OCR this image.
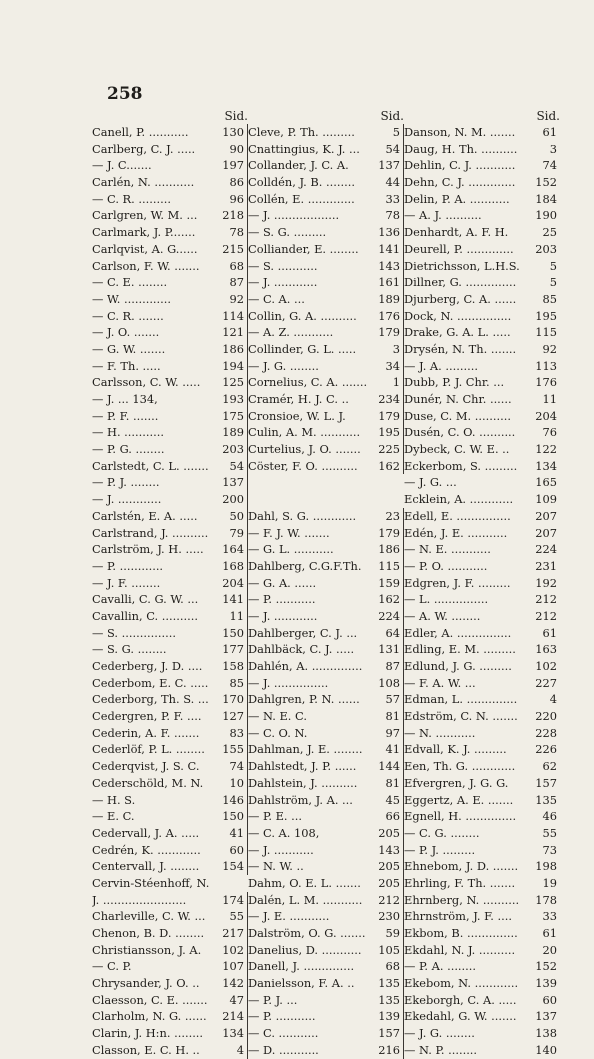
258
Sid.
Canell, P. ...........	130
Carlberg, C. J. .....	90
— J. C.......	197
Carlén, N. ...........	86
— C. R. .........	96
Carlgren, W. M. ...	218
Carlmark, J. P.......	78
Carlqvist, A. G......	215
Carlson, F. W. .......	68
— C. E. ........	87
— W. .............	92
— C. R. .......	114
— J. O. .......	121
— G. W. .......	186
— F. Th. .....	194
Carlsson, C. W. .....	125
— J. ... 134,	193
— P. F. .......	175
— H. ...........	189
— P. G. ........	203
Carlstedt, C. L. .......	54
— P. J. ........	137
— J. ............	200
Carlstén, E. A. .....	50
Carlstrand, J. ..........	79
Carlström, J. H. .....	164
— P. ............	168
— J. F. ........	204
Cavalli, C. G. W. ...	141
Cavallin, C. ..........	11
— S. ...............	150
— S. G. ........	177
Cederberg, J. D. ....	158
Cederbom, E. C. .....	85
Cederborg, Th. S. ...	170
Cedergren, P. F. ....	127
Cederin, A. F. .......	83
Cederlöf, P. L. ........	155
Cederqvist, J. S. C.	74
Cederschöld, M. N.	10
— H. S.	146
— E. C.	150
Cedervall, J. A. .....	41
Cedrén, K. ............	60
Centervall, J. ........	154
Cervin-Stéenhoff, N.
J. .......................	174
Charleville, C. W. ...	55
Chenon, B. D. ........	217
Christiansson, J. A.	102
— C. P.	107
Chrysander, J. O. ..	142
Claesson, C. E. .......	47
Clarholm, N. G. ......	214
Clarin, J. H:n. ........	134
Classon, E. C. H. ..	4
Sid.
Cleve, P. Th. .........	5
Cnattingius, K. J. ...	54
Collander, J. C. A.	137
Colldén, J. B. ........	44
Collén, E. .............	33
— J. ..................	78
— S. G. .........	136
Colliander, E. ........	141
— S. ...........	143
— J. ............	161
— C. A. ...	189
Collin, G. A. ..........	176
— A. Z. ...........	179
Collinder, G. L. .....	3
— J. G. ........	34
Cornelius, C. A. .......	1
Cramér, H. J. C. ..	234
Cronsioe, W. L. J.	179
Culin, A. M. ...........	195
Curtelius, J. O. .......	225
Cöster, F. O. ..........	162
Dahl, S. G. ............	23
— F. J. W. .......	179
— G. L. ...........	186
Dahlberg, C.G.F.Th.	115
— G. A. ......	159
— P. ...........	162
— J. ............	224
Dahlberger, C. J. ...	64
Dahlbäck, C. J. .....	131
Dahlén, A. ..............	87
— J. ...............	108
Dahlgren, P. N. ......	57
— N. E. C.	81
— C. O. N.	97
Dahlman, J. E. ........	41
Dahlstedt, J. P. ......	144
Dahlstein, J. ..........	81
Dahlström, J. A. ...	45
— P. E. ...	66
— C. A. 108,	205
— J. ...........	143
— N. W. ..	205
Dahm, O. E. L. .......	205
Dalén, L. M. ...........	212
— J. E. ...........	230
Dalström, O. G. .......	59
Danelius, D. ...........	105
Danell, J. ..............	68
Danielsson, F. A. ..	135
— P. J. ...	135
— P. ...........	139
— C. ...........	157
— D. ...........	216
Sid.
Danson, N. M. .......	61
Daug, H. Th. ..........	3
Dehlin, C. J. ...........	74
Dehn, C. J. .............	152
Delin, P. A. ...........	184
— A. J. ..........	190
Denhardt, A. F. H.	25
Deurell, P. .............	203
Dietrichsson, L.H.S.	5
Dillner, G. ..............	5
Djurberg, C. A. ......	85
Dock, N. ...............	195
Drake, G. A. L. .....	115
Drysén, N. Th. .......	92
— J. A. .........	113
Dubb, P. J. Chr. ...	176
Dunér, N. Chr. ......	11
Duse, C. M. ..........	204
Dusén, C. O. ..........	76
Dybeck, C. W. E. ..	122
Eckerbom, S. .........	134
— J. G. ...	165
Ecklein, A. ............	109
Edell, E. ...............	207
Edén, J. E. ...........	207
— N. E. ...........	224
— P. O. ...........	231
Edgren, J. F. .........	192
— L. ...............	212
— A. W. ........	212
Edler, A. ...............	61
Edling, E. M. .........	163
Edlund, J. G. .........	102
— F. A. W. ...	227
Edman, L. ..............	4
Edström, C. N. .......	220
— N. ...........	228
Edvall, K. J. .........	226
Een, Th. G. ............	62
Efvergren, J. G. G.	157
Eggertz, A. E. .......	135
Egnell, H. ..............	46
— C. G. ........	55
— P. J. .........	73
Ehnebom, J. D. .......	198
Ehrling, F. Th. .......	19
Ehrnberg, N. ..........	178
Ehrnström, J. F. ....	33
Ekbom, B. ..............	61
Ekdahl, N. J. ..........	20
— P. A. ........	152
Ekebom, N. ............	139
Ekeborgh, C. A. .....	60
Ekedahl, G. W. .......	137
— J. G. ........	138
— N. P. ........	140
